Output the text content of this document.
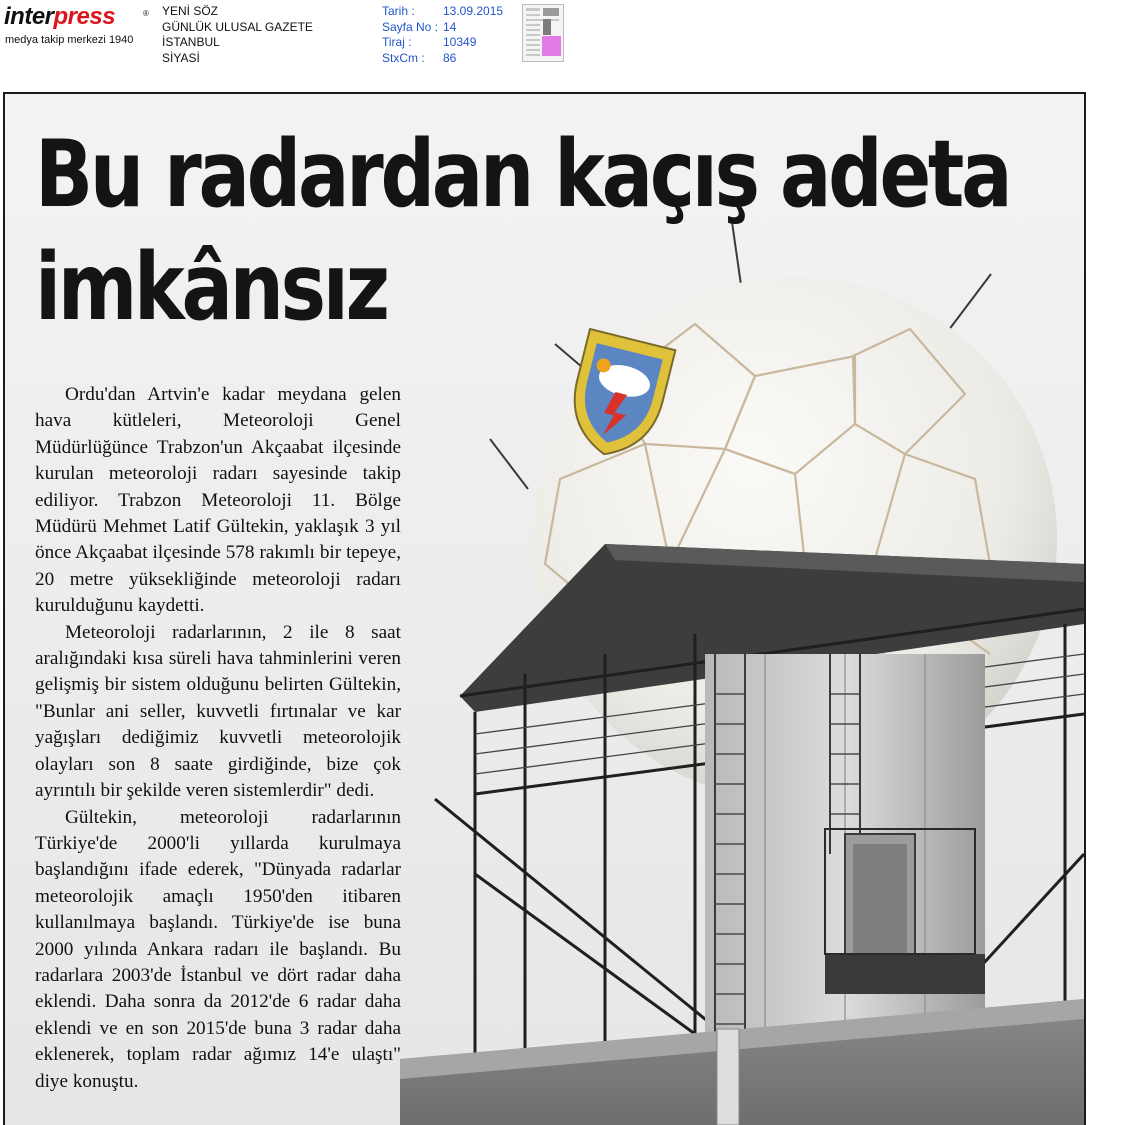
interpress	®
medya takip merkezi 1940
YENİ SÖZ
GÜNLÜK ULUSAL GAZETE
İSTANBUL
SİYASİ
Tarih : 13.09.2015
Sayfa No : 14
Tiraj :	10349
StxCm : 86
Bu radardan kaçış adeta
imkânsız

Ordu'dan Artvin'e kadar meydana gelen hava kütleleri, Meteoroloji Genel Müdürlüğünce Trabzon'un Akçaabat ilçesinde kurulan meteoroloji radarı sayesinde takip ediliyor. Trabzon Meteoroloji 11. Bölge Müdürü Mehmet Latif Gültekin, yaklaşık 3 yıl önce Akçaabat ilçesinde 578 rakımlı bir tepeye, 20 metre yüksekliğinde meteoroloji radarı kurulduğunu kaydetti.

Meteoroloji radarlarının, 2 ile 8 saat aralığındaki kısa süreli hava tahminlerini veren gelişmiş bir sistem olduğunu belirten Gültekin, "Bunlar ani seller, kuvvetli fırtınalar ve kar yağışları dediğimiz kuvvetli meteorolojik olayları son 8 saate girdiğinde, bize çok ayrıntılı bir şekilde veren sistemlerdir" dedi.

Gültekin, meteoroloji radarlarının Türkiye'de 2000'li yıllarda kurulmaya başlandığını ifade ederek, "Dünyada radarlar meteorolojik amaçlı 1950'den itibaren kullanılmaya başlandı. Türkiye'de ise buna 2000 yılında Ankara radarı ile başlandı. Bu radarlara 2003'de İstanbul ve dört radar daha eklendi. Daha sonra da 2012'de 6 radar daha eklendi ve en son 2015'de buna 3 radar daha eklenerek, toplam radar ağımız 14'e ulaştı" diye konuştu.
